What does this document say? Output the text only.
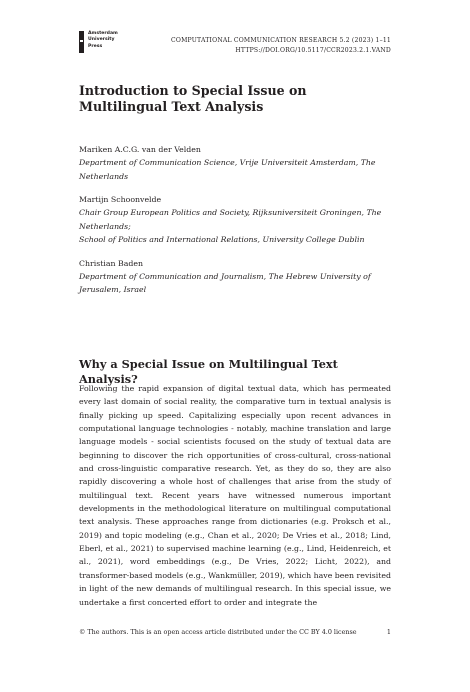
Amsterdam
University
Press
COMPUTATIONAL COMMUNICATION RESEARCH 5.2 (2023) 1–11
HTTPS://DOI.ORG/10.5117/CCR2023.2.1.VAND
Introduction to Special Issue on Multilingual Text Analysis
Mariken A.C.G. van der Velden
Department of Communication Science, Vrije Universiteit Amsterdam, The Netherlands
Martijn Schoonvelde
Chair Group European Politics and Society, Rijksuniversiteit Groningen, The Netherlands;
School of Politics and International Relations, University College Dublin
Christian Baden
Department of Communication and Journalism, The Hebrew University of Jerusalem, Israel
Why a Special Issue on Multilingual Text Analysis?

Following the rapid expansion of digital textual data, which has permeated every last domain of social reality, the comparative turn in textual analysis is finally picking up speed. Capitalizing especially upon recent advances in computational language technologies - notably, machine translation and large language models - social scientists focused on the study of textual data are beginning to discover the rich opportunities of cross-cultural, cross-national and cross-linguistic comparative research. Yet, as they do so, they are also rapidly discovering a whole host of challenges that arise from the study of multilingual text. Recent years have witnessed numerous important developments in the methodological literature on multilingual computational text analysis. These approaches range from dictionaries (e.g. Proksch et al., 2019) and topic modeling (e.g., Chan et al., 2020; De Vries et al., 2018; Lind, Eberl, et al., 2021) to supervised machine learning (e.g., Lind, Heidenreich, et al., 2021), word embeddings (e.g., De Vries, 2022; Licht, 2022), and transformer-based models (e.g., Wankmüller, 2019), which have been revisited in light of the new demands of multilingual research. In this special issue, we undertake a first concerted effort to order and integrate the

© The authors. This is an open access article distributed under the CC BY 4.0 license	1
